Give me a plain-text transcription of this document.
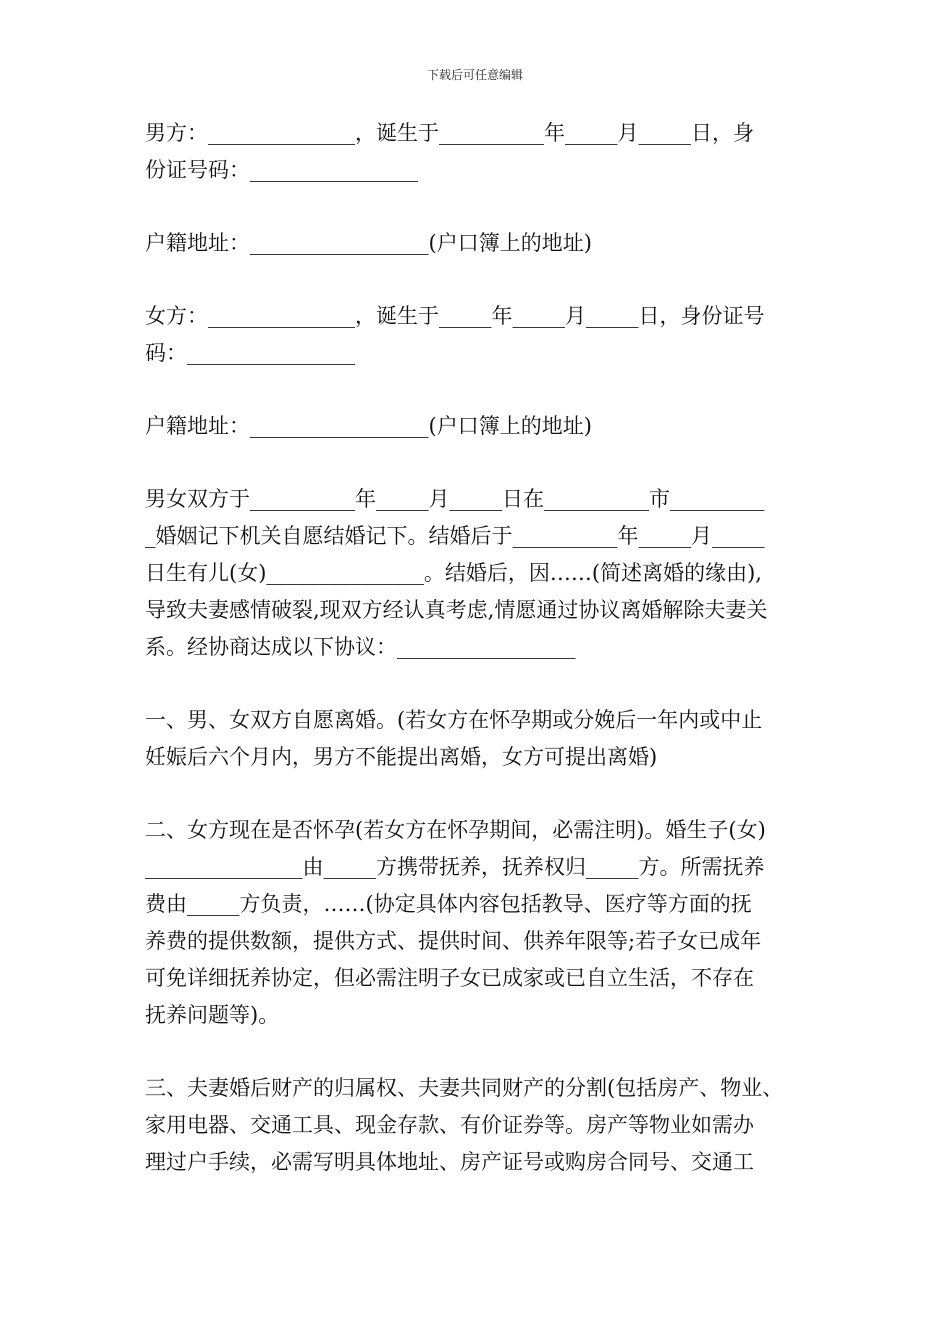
下载后可任意编辑
男方：______________，诞生于__________年_____月_____日，身
份证号码：________________
户籍地址：_________________(户口簿上的地址)
女方：______________，诞生于_____年_____月_____日，身份证号
码：________________
户籍地址：_________________(户口簿上的地址)
男女双方于__________年_____月_____日在__________市_________
_婚姻记下机关自愿结婚记下。结婚后于__________年_____月_____
日生有儿(女)_______________。结婚后，因……(简述离婚的缘由),
导致夫妻感情破裂,现双方经认真考虑,情愿通过协议离婚解除夫妻关
系。经协商达成以下协议：_________________
一、男、女双方自愿离婚。(若女方在怀孕期或分娩后一年内或中止
妊娠后六个月内，男方不能提出离婚，女方可提出离婚)
二、女方现在是否怀孕(若女方在怀孕期间，必需注明)。婚生子(女)
_______________由_____方携带抚养，抚养权归_____方。所需抚养
费由_____方负责，……(协定具体内容包括教导、医疗等方面的抚
养费的提供数额，提供方式、提供时间、供养年限等;若子女已成年
可免详细抚养协定，但必需注明子女已成家或已自立生活，不存在
抚养问题等)。
三、夫妻婚后财产的归属权、夫妻共同财产的分割(包括房产、物业、
家用电器、交通工具、现金存款、有价证券等。房产等物业如需办
理过户手续，必需写明具体地址、房产证号或购房合同号、交通工
